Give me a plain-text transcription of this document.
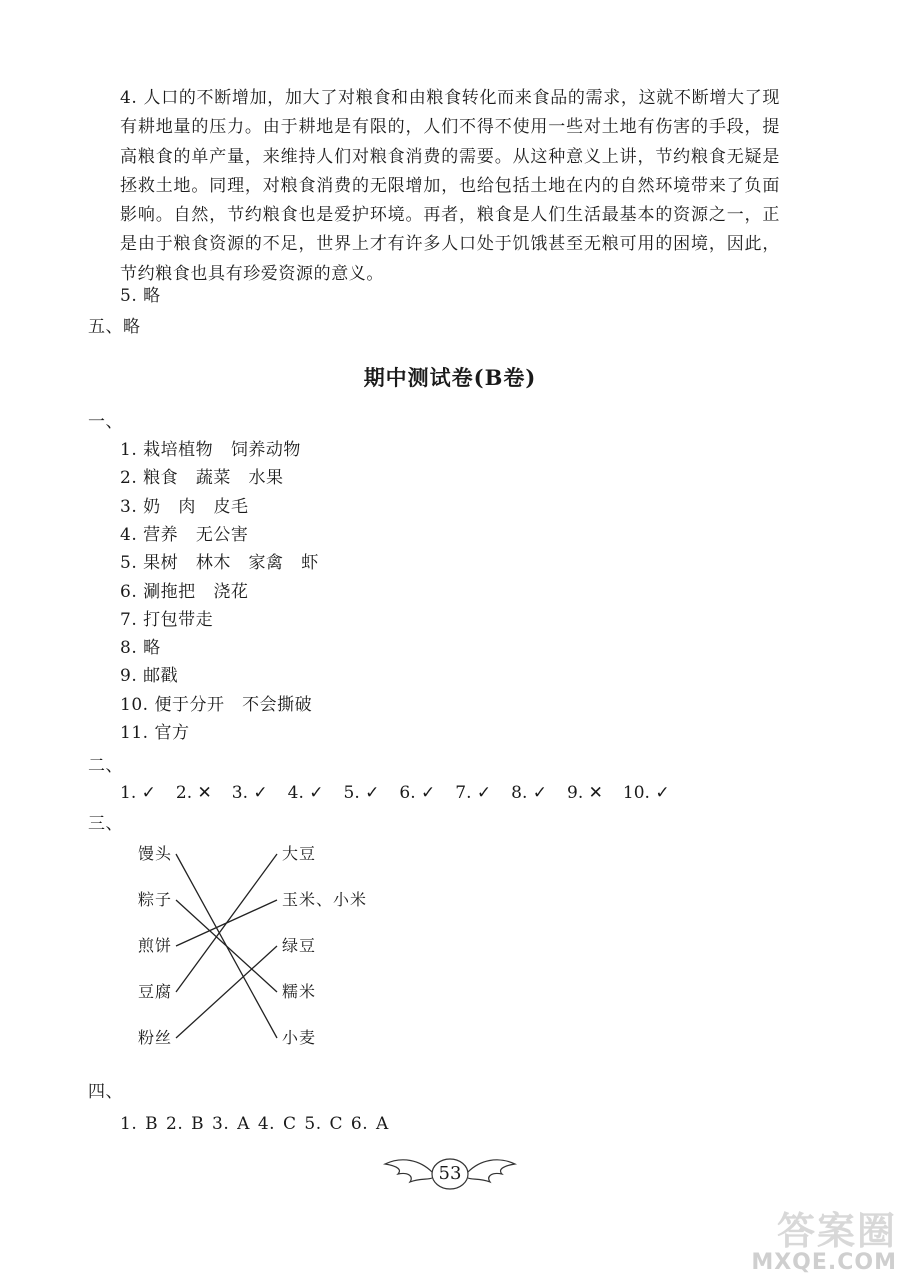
4. 人口的不断增加，加大了对粮食和由粮食转化而来食品的需求，这就不断增大了现有耕地量的压力。由于耕地是有限的，人们不得不使用一些对土地有伤害的手段，提高粮食的单产量，来维持人们对粮食消费的需要。从这种意义上讲，节约粮食无疑是拯救土地。同理，对粮食消费的无限增加，也给包括土地在内的自然环境带来了负面影响。自然，节约粮食也是爱护环境。再者，粮食是人们生活最基本的资源之一，正是由于粮食资源的不足，世界上才有许多人口处于饥饿甚至无粮可用的困境，因此，节约粮食也具有珍爱资源的意义。
5. 略
五、略
期中测试卷(B卷)
一、
1. 栽培植物   饲养动物
2. 粮食   蔬菜   水果
3. 奶   肉   皮毛
4. 营养   无公害
5. 果树   林木   家禽   虾
6. 涮拖把   浇花
7. 打包带走
8. 略
9. 邮戳
10. 便于分开   不会撕破
11. 官方
二、
1. ✓ 2. ✕ 3. ✓ 4. ✓ 5. ✓ 6. ✓ 7. ✓ 8. ✓ 9. ✕ 10. ✓
三、
馒头
粽子
煎饼
豆腐
粉丝
大豆
玉米、小米
绿豆
糯米
小麦
四、
1. B 2. B 3. A 4. C 5. C 6. A
53
答案圈
MXQE.COM
